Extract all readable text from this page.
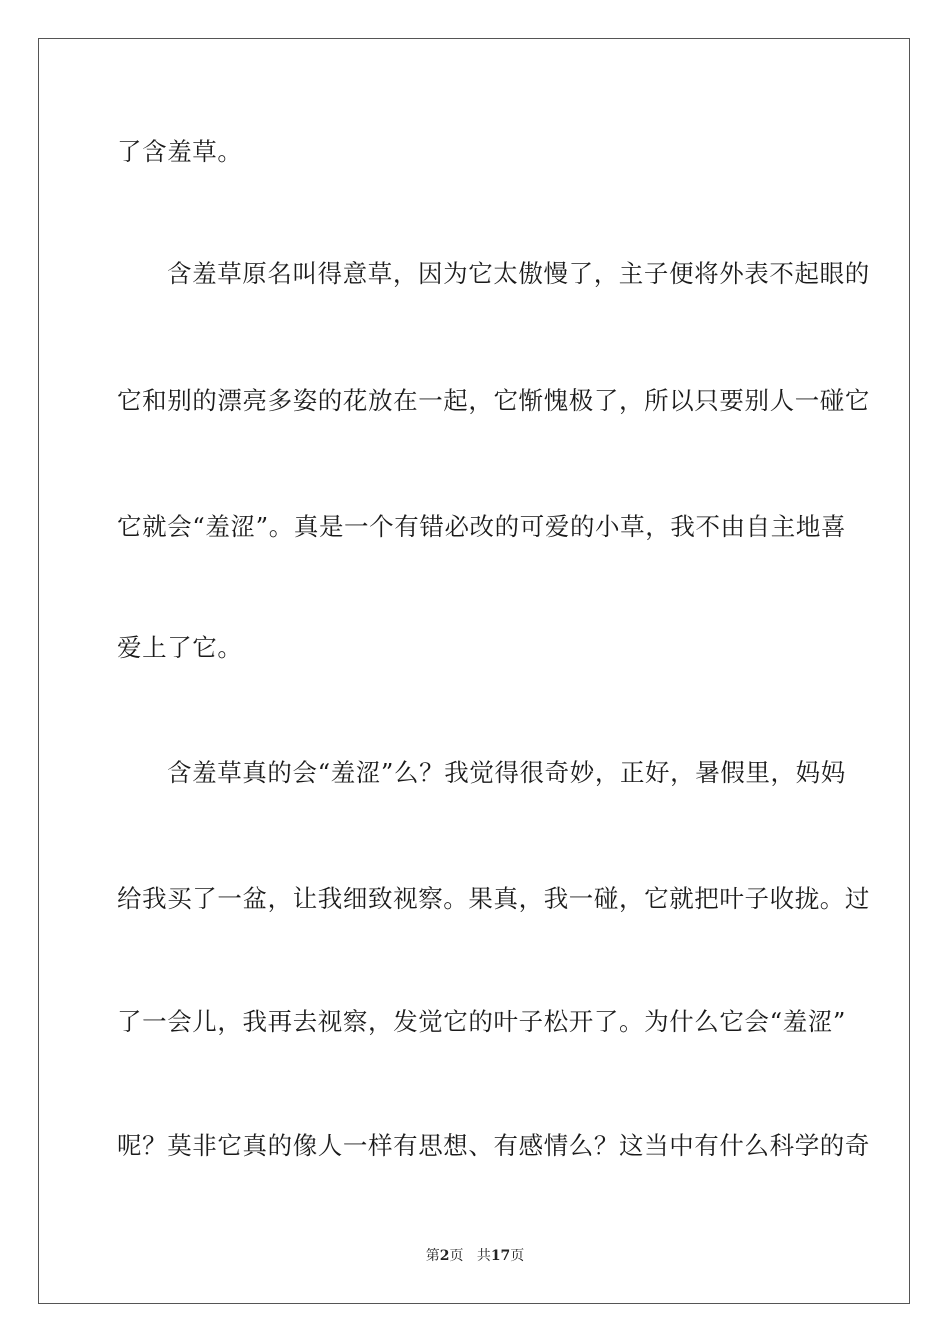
了含羞草。
含羞草原名叫得意草，因为它太傲慢了，主子便将外表不起眼的
它和别的漂亮多姿的花放在一起，它惭愧极了，所以只要别人一碰它
它就会“羞涩”。真是一个有错必改的可爱的小草，我不由自主地喜
爱上了它。
含羞草真的会“羞涩”么？我觉得很奇妙，正好，暑假里，妈妈
给我买了一盆，让我细致视察。果真，我一碰，它就把叶子收拢。过
了一会儿，我再去视察，发觉它的叶子松开了。为什么它会“羞涩”
呢？莫非它真的像人一样有思想、有感情么？这当中有什么科学的奇
第2页 共17页
